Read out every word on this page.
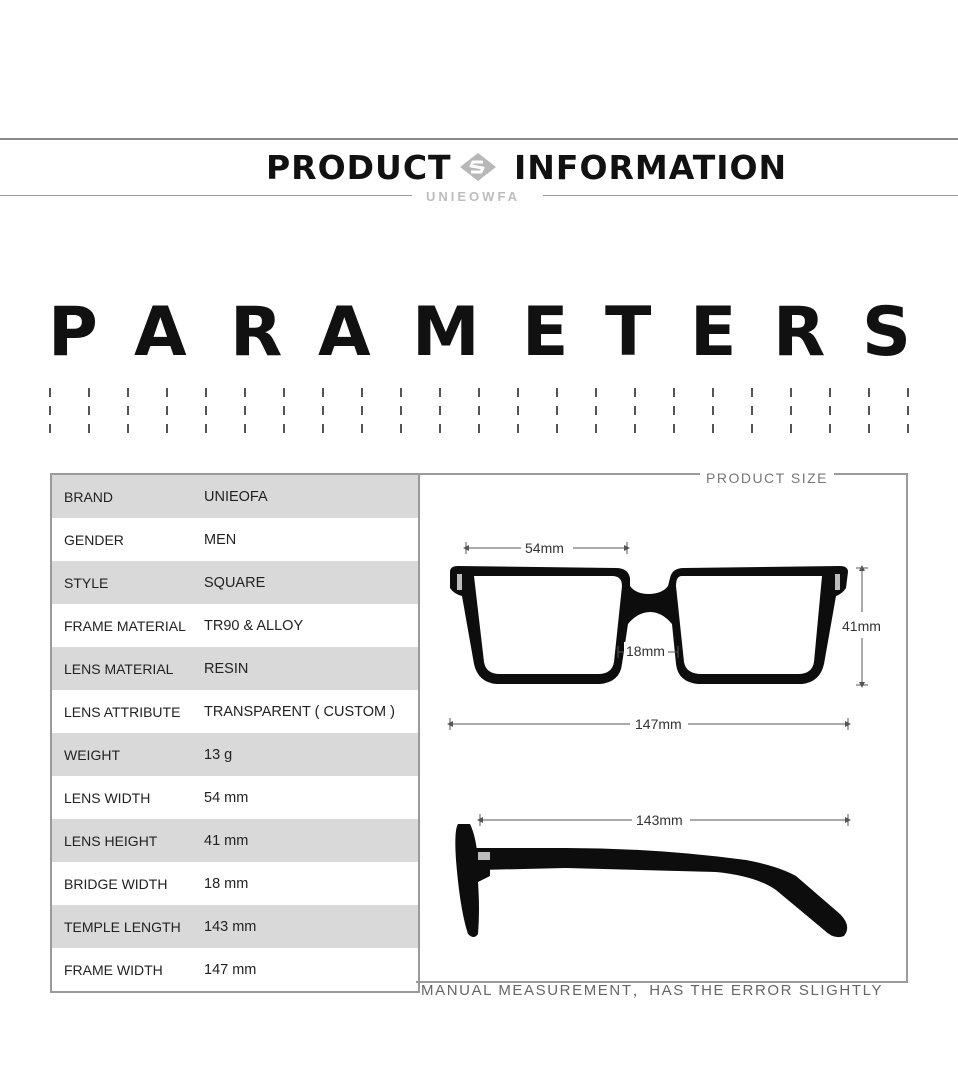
PRODUCT INFORMATION
UNIEOWFA
P A R A M E T E R S
BRAND	UNIEOFA
GENDER	MEN
STYLE	SQUARE
FRAME MATERIAL	TR90 & ALLOY
LENS MATERIAL	RESIN
LENS ATTRIBUTE	TRANSPARENT ( CUSTOM )
WEIGHT	13 g
LENS WIDTH	54 mm
LENS HEIGHT	41 mm
BRIDGE WIDTH	18 mm
TEMPLE LENGTH	143 mm
FRAME WIDTH	147 mm
PRODUCT SIZE
54mm
18mm
41mm
147mm
143mm
MANUAL MEASUREMENT，HAS THE ERROR SLIGHTLY
